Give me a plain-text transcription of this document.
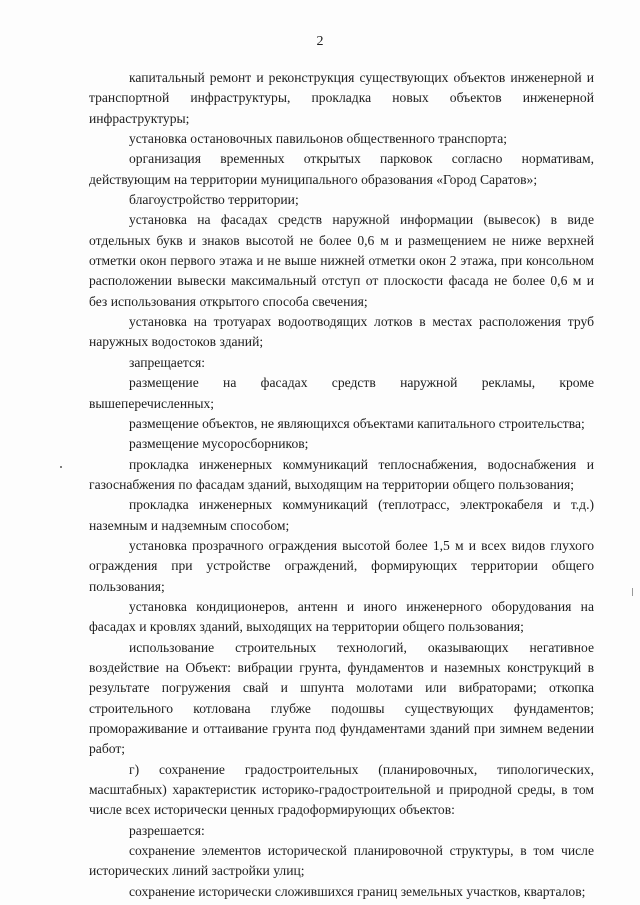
2

капитальный ремонт и реконструкция существующих объектов инженерной и транспортной инфраструктуры, прокладка новых объектов инженерной инфраструктуры;

установка остановочных павильонов общественного транспорта;

организация временных открытых парковок согласно нормативам, действующим на территории муниципального образования «Город Саратов»;

благоустройство территории;

установка на фасадах средств наружной информации (вывесок) в виде отдельных букв и знаков высотой не более 0,6 м и размещением не ниже верхней отметки окон первого этажа и не выше нижней отметки окон 2 этажа, при консольном расположении вывески максимальный отступ от плоскости фасада не более 0,6 м и без использования открытого способа свечения;

установка на тротуарах водоотводящих лотков в местах расположения труб наружных водостоков зданий;

запрещается:

размещение на фасадах средств наружной рекламы, кроме вышеперечисленных;

размещение объектов, не являющихся объектами капитального строительства;

размещение мусоросборников;

прокладка инженерных коммуникаций теплоснабжения, водоснабжения и газоснабжения по фасадам зданий, выходящим на территории общего пользования;

прокладка инженерных коммуникаций (теплотрасс, электрокабеля и т.д.) наземным и надземным способом;

установка прозрачного ограждения высотой более 1,5 м и всех видов глухого ограждения при устройстве ограждений, формирующих территории общего пользования;

установка кондиционеров, антенн и иного инженерного оборудования на фасадах и кровлях зданий, выходящих на территории общего пользования;

использование строительных технологий, оказывающих негативное воздействие на Объект: вибрации грунта, фундаментов и наземных конструкций в результате погружения свай и шпунта молотами или вибраторами; откопка строительного котлована глубже подошвы существующих фундаментов; промораживание и оттаивание грунта под фундаментами зданий при зимнем ведении работ;

г) сохранение градостроительных (планировочных, типологических, масштабных) характеристик историко-градостроительной и природной среды, в том числе всех исторически ценных градоформирующих объектов:

разрешается:

сохранение элементов исторической планировочной структуры, в том числе исторических линий застройки улиц;

сохранение исторически сложившихся границ земельных участков, кварталов;
